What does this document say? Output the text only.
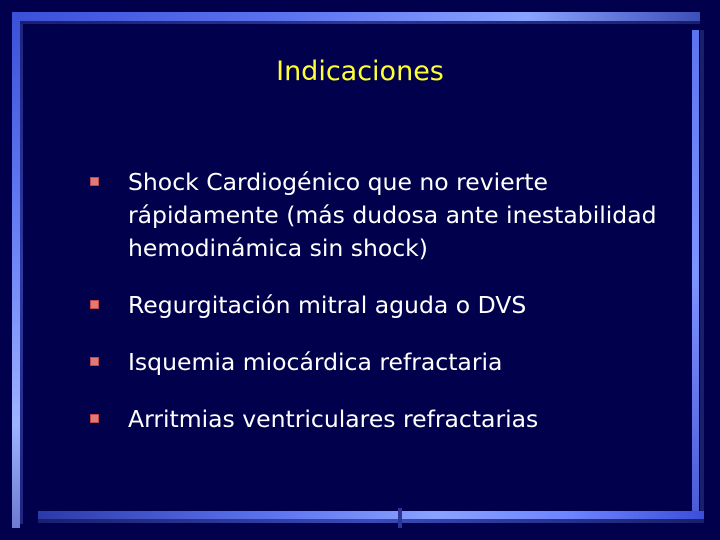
Indicaciones
Shock Cardiogénico que no revierte rápidamente (más dudosa ante inestabilidad hemodinámica sin shock)
Regurgitación mitral aguda o DVS
Isquemia miocárdica refractaria
Arritmias ventriculares refractarias
